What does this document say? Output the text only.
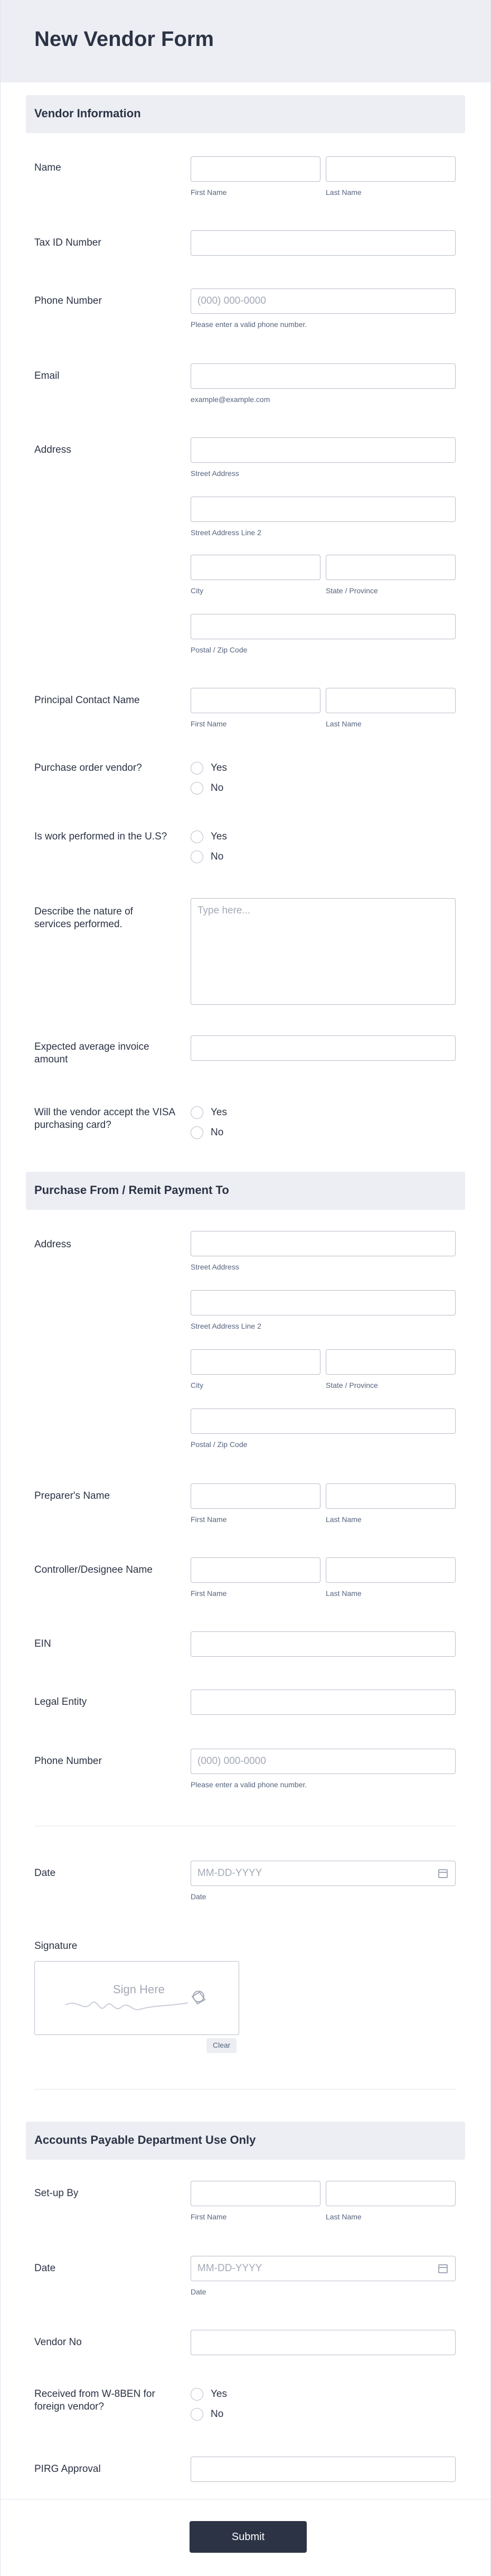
New Vendor Form
Vendor Information
Name
First Name	Last Name
Tax ID Number
Phone Number	(000) 000-0000
Please enter a valid phone number.
Email
example@example.com
Address
Street Address
Street Address Line 2
City	State / Province
Postal / Zip Code
Principal Contact Name
First Name	Last Name
Purchase order vendor?	Yes
No
Is work performed in the U.S?	Yes
No
Describe the nature of services performed.
Type here...
Expected average invoice amount
Will the vendor accept the VISA purchasing card?
Yes
No
Purchase From / Remit Payment To
Address
Street Address
Street Address Line 2
City	State / Province
Postal / Zip Code
Preparer's Name
First Name	Last Name
Controller/Designee Name
First Name	Last Name
EIN
Legal Entity
Phone Number	(000) 000-0000
Please enter a valid phone number.
Date	MM-DD-YYYY
Date
Signature
Sign Here
Clear
Accounts Payable Department Use Only
Set-up By
First Name	Last Name
Date	MM-DD-YYYY
Date
Vendor No
Received from W-8BEN for foreign vendor?
Yes
No
PIRG Approval
Submit
